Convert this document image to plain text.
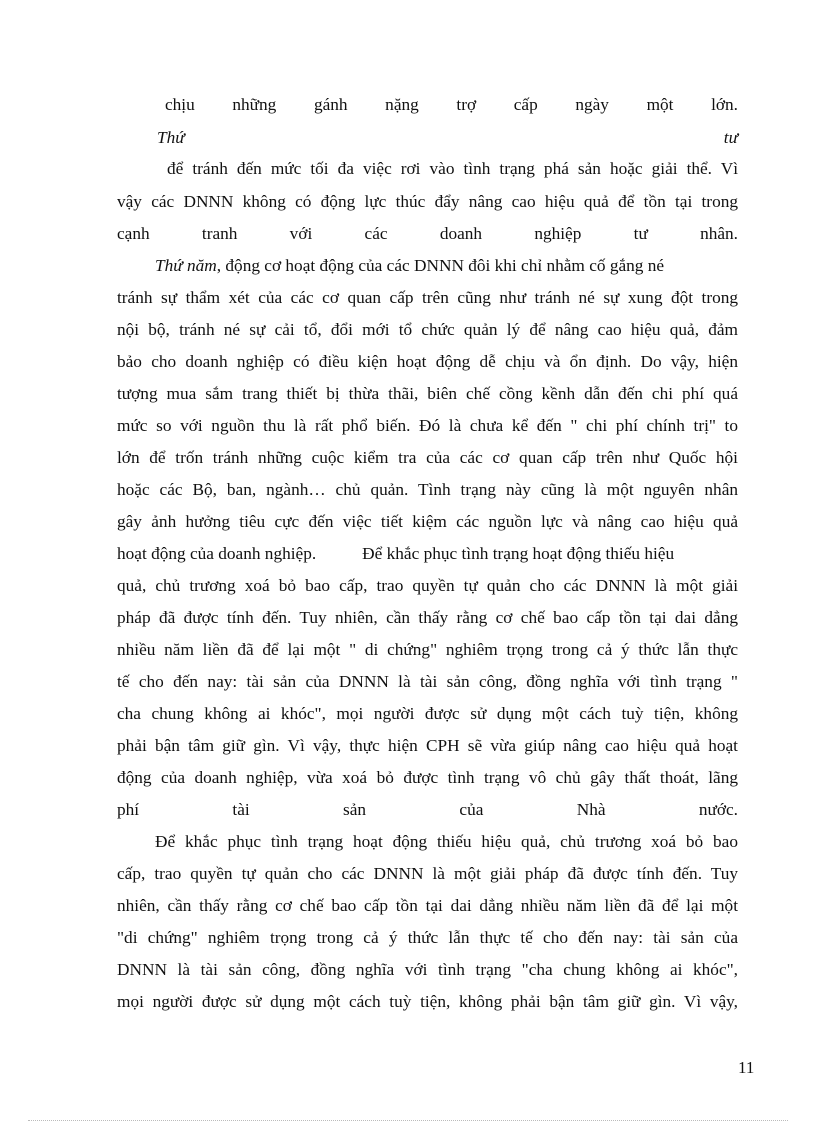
chịu những gánh nặng trợ cấp ngày một lớn.
Thứ tư
để tránh đến mức tối đa việc rơi vào tình trạng phá sản hoặc giải thể. Vì
vậy các DNNN không có động lực thúc đẩy nâng cao hiệu quả để tồn tại trong
cạnh tranh với các doanh nghiệp tư nhân.
Thứ năm, động cơ hoạt động của các DNNN đôi khi chỉ nhằm cố gắng né
tránh sự thẩm xét của các cơ quan cấp trên cũng như tránh né sự xung đột trong
nội bộ, tránh né sự cải tổ, đổi mới tổ chức quản lý để nâng cao hiệu quả, đảm
bảo cho doanh nghiệp có điều kiện hoạt động dễ chịu và ổn định. Do vậy, hiện
tượng mua sắm trang thiết bị thừa thãi, biên chế cồng kềnh dẫn đến chi phí quá
mức so với nguồn thu là rất phổ biến. Đó là chưa kể đến " chi phí chính trị" to
lớn để trốn tránh những cuộc kiểm tra của các cơ quan cấp trên như Quốc hội
hoặc các Bộ, ban, ngành… chủ quản. Tình trạng này cũng là một nguyên nhân
gây ảnh hưởng tiêu cực đến việc tiết kiệm các nguồn lực và nâng cao hiệu quả
hoạt động của doanh nghiệp.	Để khắc phục tình trạng hoạt động thiếu hiệu
quả, chủ trương xoá bỏ bao cấp, trao quyền tự quản cho các DNNN là một giải
pháp đã được tính đến. Tuy nhiên, cần thấy rằng cơ chế bao cấp tồn tại dai dẳng
nhiều năm liền đã để lại một " di chứng" nghiêm trọng trong cả ý thức lẫn thực
tế cho đến nay: tài sản của DNNN là tài sản công, đồng nghĩa với tình trạng "
cha chung không ai khóc", mọi người được sử dụng một cách tuỳ tiện, không
phải bận tâm giữ gìn. Vì vậy, thực hiện CPH sẽ vừa giúp nâng cao hiệu quả hoạt
động của doanh nghiệp, vừa xoá bỏ được tình trạng vô chủ gây thất thoát, lãng
phí tài sản của Nhà nước.
Để khắc phục tình trạng hoạt động thiếu hiệu quả, chủ trương xoá bỏ bao
cấp, trao quyền tự quản cho các DNNN là một giải pháp đã được tính đến. Tuy
nhiên, cần thấy rằng cơ chế bao cấp tồn tại dai dẳng nhiều năm liền đã để lại một
"di chứng" nghiêm trọng trong cả ý thức lẫn thực tế cho đến nay: tài sản của
DNNN là tài sản công, đồng nghĩa với tình trạng "cha chung không ai khóc",
mọi người được sử dụng một cách tuỳ tiện, không phải bận tâm giữ gìn. Vì vậy,
11
